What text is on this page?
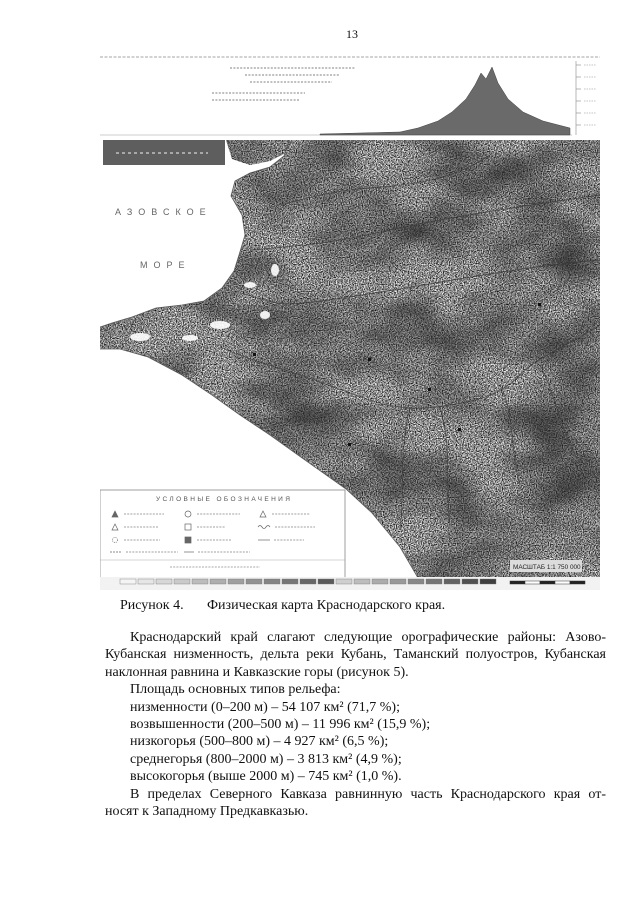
13
АЗОВСКОЕ
МОРЕ
УСЛОВНЫЕ ОБОЗНАЧЕНИЯ
МАСШТАБ 1:1 750 000
Рисунок 4. Физическая карта Краснодарского края.
Краснодарский край слагают следующие орографические районы: Азово-
Кубанская низменность, дельта реки Кубань, Таманский полуостров, Кубанская
наклонная равнина и Кавказские горы (рисунок 5).
Площадь основных типов рельефа:
низменности (0–200 м) – 54 107 км² (71,7 %);
возвышенности (200–500 м) – 11 996 км² (15,9 %);
низкогорья (500–800 м) – 4 927 км² (6,5 %);
среднегорья (800–2000 м) – 3 813 км² (4,9 %);
высокогорья (выше 2000 м) – 745 км² (1,0 %).
В пределах Северного Кавказа равнинную часть Краснодарского края от-
носят к Западному Предкавказью.
